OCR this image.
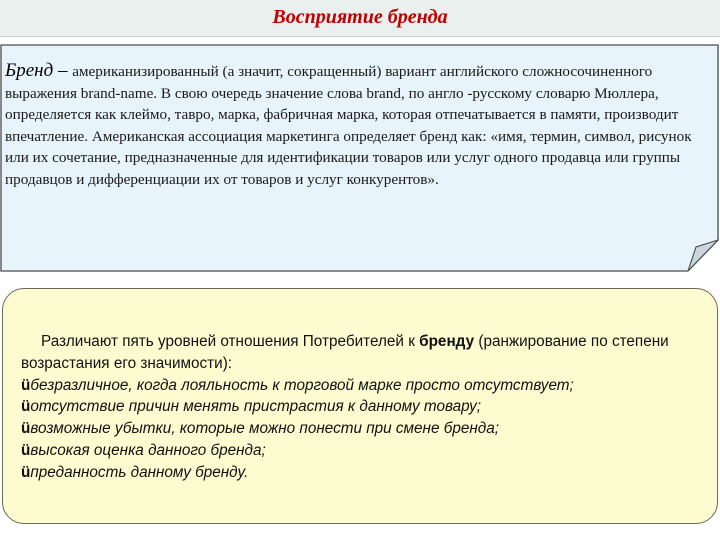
Восприятие бренда
Бренд – американизированный (а значит, сокращенный) вариант английского сложносочиненного выражения brand-name. В свою очередь значение слова brand, по англо -русскому словарю Мюллера, определяется как клеймо, тавро, марка, фабричная марка, которая отпечатывается в памяти, производит впечатление. Американская ассоциация маркетинга определяет бренд как: «имя, термин, символ, рисунок или их сочетание, предназначенные для идентификации товаров или услуг одного продавца или группы продавцов и дифференциации их от товаров и услуг конкурентов».
Различают пять уровней отношения Потребителей к бренду (ранжирование по степени возрастания его значимости):
üбезразличное, когда лояльность к торговой марке просто отсутствует;
üотсутствие причин менять пристрастия к данному товару;
üвозможные убытки, которые можно понести при смене бренда;
üвысокая оценка данного бренда;
üпреданность данному бренду.
